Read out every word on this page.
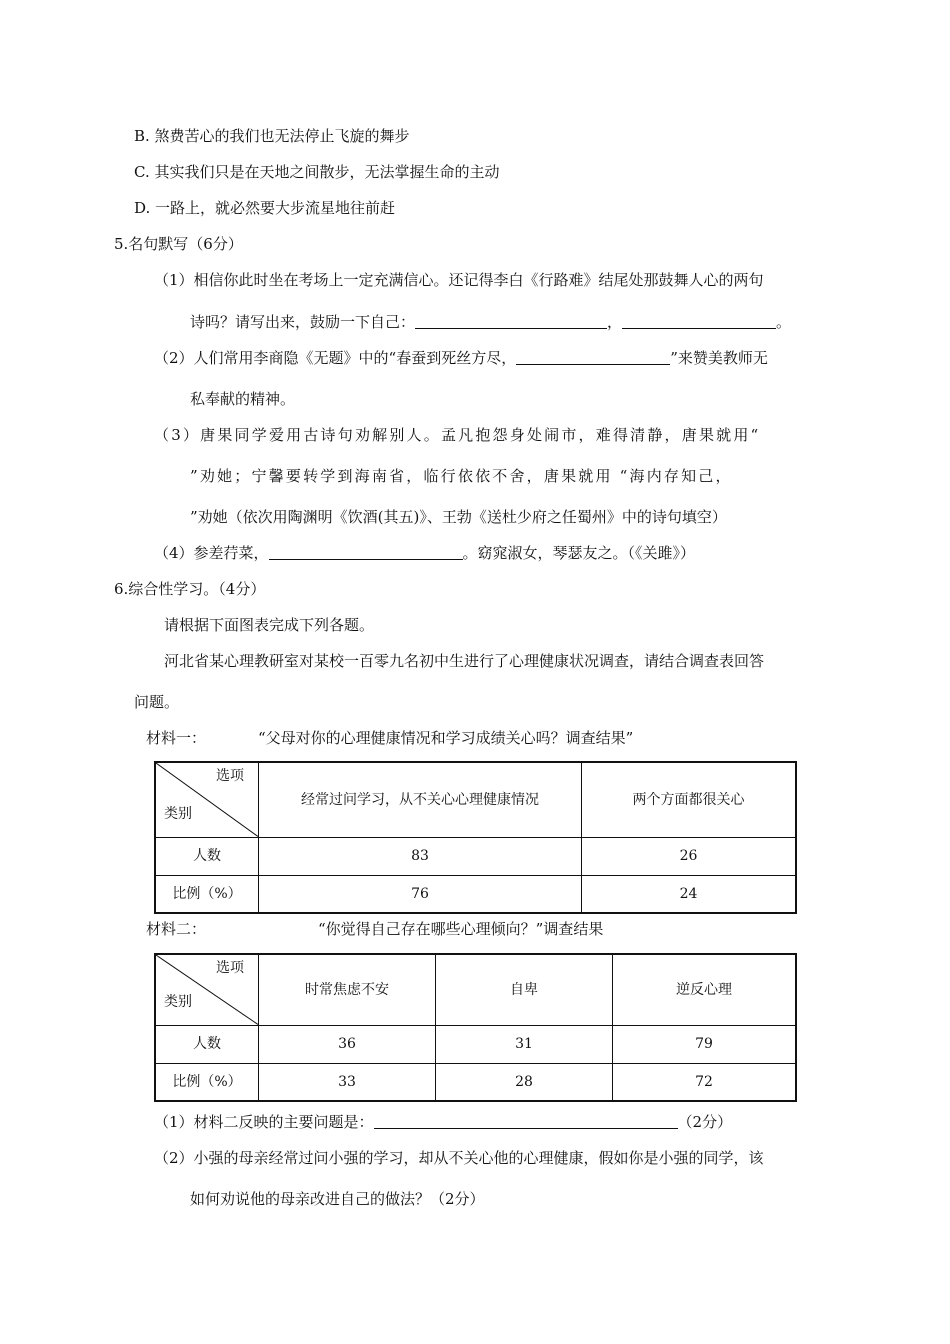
B. 煞费苦心的我们也无法停止飞旋的舞步
C. 其实我们只是在天地之间散步，无法掌握生命的主动
D. 一路上，就必然要大步流星地往前赶
5.名句默写（6分）
（1）相信你此时坐在考场上一定充满信心。还记得李白《行路难》结尾处那鼓舞人心的两句
诗吗？请写出来，鼓励一下自己：	，	。
（2）人们常用李商隐《无题》中的“春蚕到死丝方尽，	”来赞美教师无
私奉献的精神。
（3）唐果同学爱用古诗句劝解别人。孟凡抱怨身处闹市，难得清静，唐果就用“
”劝她；宁馨要转学到海南省，临行依依不舍，唐果就用 “海内存知己，
”劝她（依次用陶渊明《饮酒(其五)》、王勃《送杜少府之任蜀州》中的诗句填空）
（4）参差荇菜，	。窈窕淑女，琴瑟友之。（《关雎》）
6.综合性学习。（4分）
请根据下面图表完成下列各题。
河北省某心理教研室对某校一百零九名初中生进行了心理健康状况调查，请结合调查表回答
问题。
材料一：	“父母对你的心理健康情况和学习成绩关心吗？调查结果”
选项
类别	经常过问学习，从不关心心理健康情况	两个方面都很关心
人数	83	26
比例（%）	76	24
材料二：	“你觉得自己存在哪些心理倾向？”调查结果
选项
类别	时常焦虑不安	自卑	逆反心理
人数	36	31	79
比例（%）	33	28	72
（1）材料二反映的主要问题是：	（2分）
（2）小强的母亲经常过问小强的学习，却从不关心他的心理健康，假如你是小强的同学，该
如何劝说他的母亲改进自己的做法？（2分）
